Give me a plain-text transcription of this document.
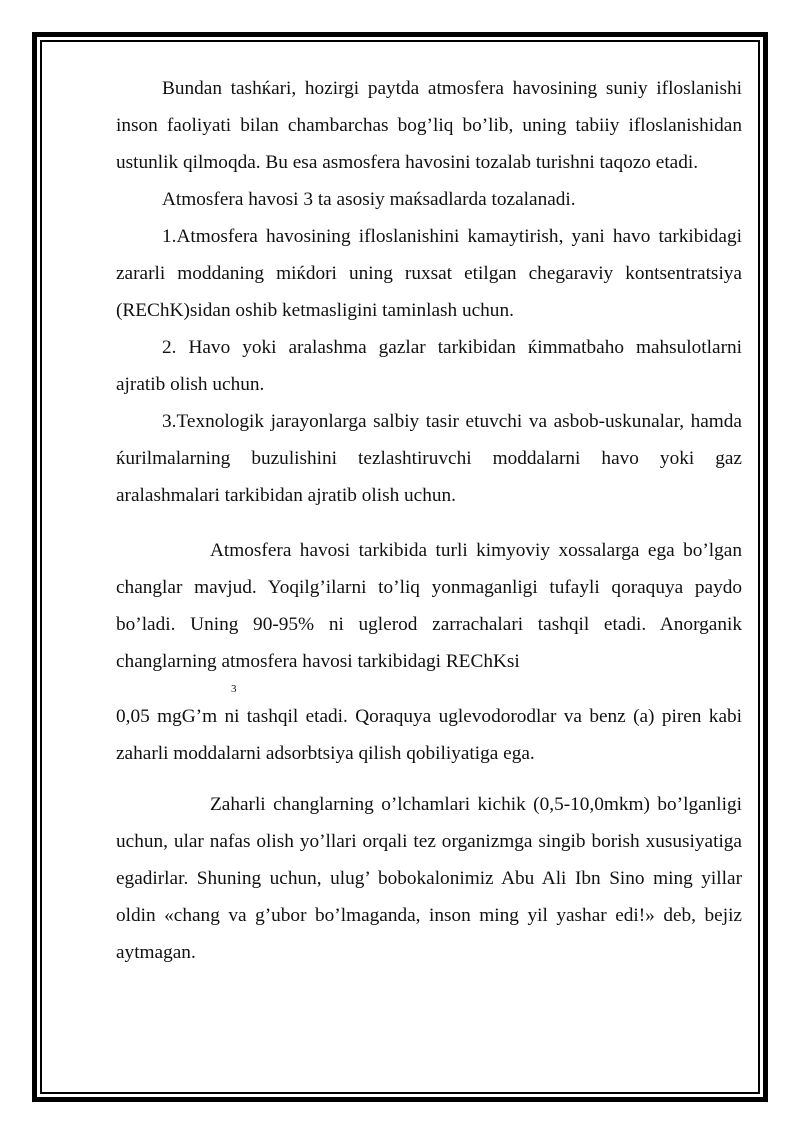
Bundan tashќari, hozirgi paytda atmosfera havosining suniy ifloslanishi inson faoliyati bilan chambarchas bog’liq bo’lib, uning tabiiy ifloslanishidan ustunlik qilmoqda. Bu esa asmosfera havosini tozalab turishni taqozo etadi.

Atmosfera havosi 3 ta asosiy maќsadlarda tozalanadi.

1.Atmosfera havosining ifloslanishini kamaytirish, yani havo tarkibidagi zararli moddaning miќdori uning ruxsat etilgan chegaraviy kontsentratsiya (REChK)sidan oshib ketmasligini taminlash uchun.

2. Havo yoki aralashma gazlar tarkibidan ќimmatbaho mahsulotlarni ajratib olish uchun.

3.Texnologik jarayonlarga salbiy tasir etuvchi va asbob-uskunalar, hamda ќurilmalarning buzulishini tezlashtiruvchi moddalarni havo yoki gaz aralashmalari tarkibidan ajratib olish uchun.

Atmosfera havosi tarkibida turli kimyoviy xossalarga ega bo’lgan changlar mavjud. Yoqilg’ilarni to’liq yonmaganligi tufayli qoraquya paydo bo’ladi. Uning 90-95% ni uglerod zarrachalari tashqil etadi. Anorganik changlarning atmosfera havosi tarkibidagi REChKsi

3

0,05 mgG’m ni tashqil etadi. Qoraquya uglevodorodlar va benz (a) piren kabi zaharli moddalarni adsorbtsiya qilish qobiliyatiga ega.

Zaharli changlarning o’lchamlari kichik (0,5-10,0mkm) bo’lganligi uchun, ular nafas olish yo’llari orqali tez organizmga singib borish xususiyatiga egadirlar. Shuning uchun, ulug’ bobokalonimiz Abu Ali Ibn Sino ming yillar oldin «chang va g’ubor bo’lmaganda, inson ming yil yashar edi!» deb, bejiz aytmagan.
